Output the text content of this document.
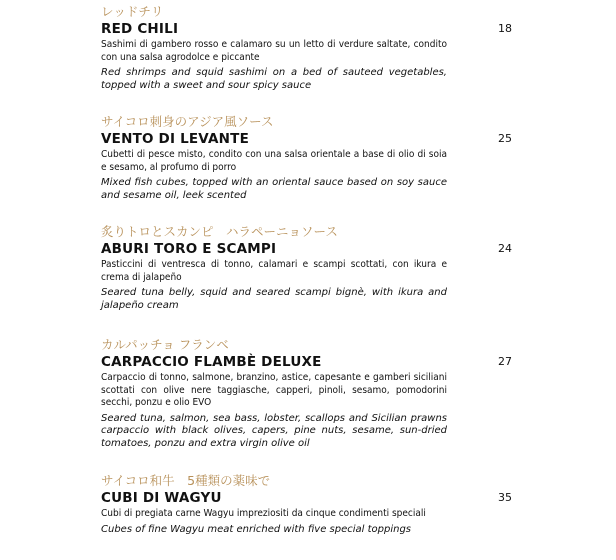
レッドチリ

RED CHILI	18

Sashimi di gambero rosso e calamaro su un letto di verdure saltate, condito con una salsa agrodolce e piccante

Red shrimps and squid sashimi on a bed of sauteed vegetables, topped with a sweet and sour spicy sauce

サイコロ刺身のアジア風ソース

VENTO DI LEVANTE	25

Cubetti di pesce misto, condito con una salsa orientale a base di olio di soia e sesamo, al profumo di porro

Mixed fish cubes, topped with an oriental sauce based on soy sauce and sesame oil, leek scented

炙りトロとスカンピ　ハラペーニョソース

ABURI TORO E SCAMPI	24

Pasticcini di ventresca di tonno, calamari e scampi scottati, con ikura e crema di jalapeño

Seared tuna belly, squid and seared scampi bignè, with ikura and jalapeño cream

カルパッチョ フランベ

CARPACCIO FLAMBÈ DELUXE	27

Carpaccio di tonno, salmone, branzino, astice, capesante e gamberi siciliani scottati con olive nere taggiasche, capperi, pinoli, sesamo, pomodorini secchi, ponzu e olio EVO

Seared tuna, salmon, sea bass, lobster, scallops and Sicilian prawns carpaccio with black olives, capers, pine nuts, sesame, sun-dried tomatoes, ponzu and extra virgin olive oil

サイコロ和牛　5種類の薬味で

CUBI DI WAGYU	35

Cubi di pregiata carne Wagyu impreziositi da cinque condimenti speciali

Cubes of fine Wagyu meat enriched with five special toppings
